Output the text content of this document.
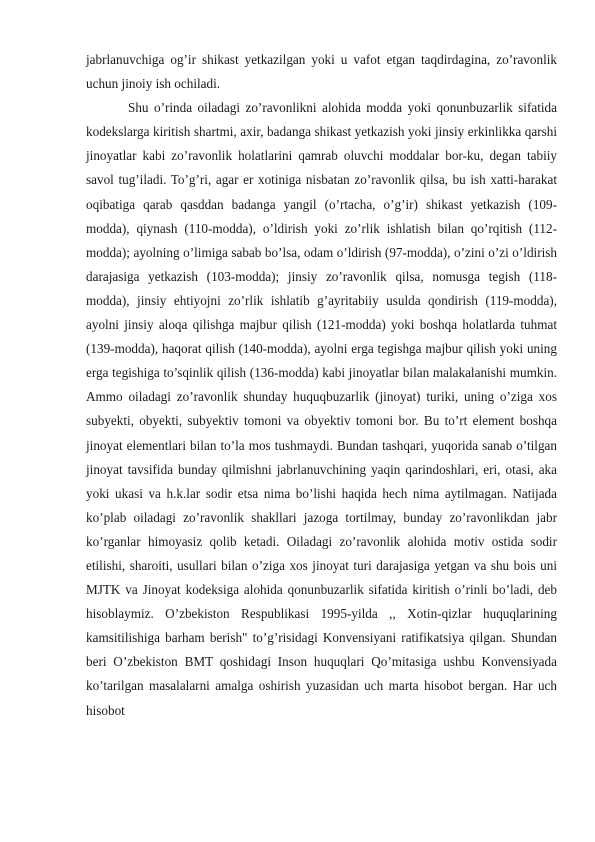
jabrlanuvchiga og’ir shikast yetkazilgan yoki u vafot etgan taqdirdagina, zo’ravonlik uchun jinoiy ish ochiladi.

Shu o’rinda oiladagi zo’ravonlikni alohida modda yoki qonunbuzarlik sifatida kodekslarga kiritish shartmi, axir, badanga shikast yetkazish yoki jinsiy erkinlikka qarshi jinoyatlar kabi zo’ravonlik holatlarini qamrab oluvchi moddalar bor-ku, degan tabiiy savol tug’iladi. To’g’ri, agar er xotiniga nisbatan zo’ravonlik qilsa, bu ish xatti-harakat oqibatiga qarab qasddan badanga yangil (o’rtacha, o’g’ir) shikast yetkazish (109-modda), qiynash (110-modda), o’ldirish yoki zo’rlik ishlatish bilan qo’rqitish (112-modda); ayolning o’limiga sabab bo’lsa, odam o’ldirish (97-modda), o’zini o’zi o’ldirish darajasiga yetkazish (103-modda); jinsiy zo’ravonlik qilsa, nomusga tegish (118-modda), jinsiy ehtiyojni zo’rlik ishlatib g’ayritabiiy usulda qondirish (119-modda), ayolni jinsiy aloqa qilishga majbur qilish (121-modda) yoki boshqa holatlarda tuhmat (139-modda), haqorat qilish (140-modda), ayolni erga tegishga majbur qilish yoki uning erga tegishiga to’sqinlik qilish (136-modda) kabi jinoyatlar bilan malakalanishi mumkin. Ammo oiladagi zo’ravonlik shunday huquqbuzarlik (jinoyat) turiki, uning o’ziga xos subyekti, obyekti, subyektiv tomoni va obyektiv tomoni bor. Bu to’rt element boshqa jinoyat elementlari bilan to’la mos tushmaydi. Bundan tashqari, yuqorida sanab o’tilgan jinoyat tavsifida bunday qilmishni jabrlanuvchining yaqin qarindoshlari, eri, otasi, aka yoki ukasi va h.k.lar sodir etsa nima bo’lishi haqida hech nima aytilmagan. Natijada ko’plab oiladagi zo’ravonlik shakllari jazoga tortilmay, bunday zo’ravonlikdan jabr ko’rganlar himoyasiz qolib ketadi. Oiladagi zo’ravonlik alohida motiv ostida sodir etilishi, sharoiti, usullari bilan o’ziga xos jinoyat turi darajasiga yetgan va shu bois uni MJTK va Jinoyat kodeksiga alohida qonunbuzarlik sifatida kiritish o’rinli bo’ladi, deb hisoblaymiz. O’zbekiston Respublikasi 1995-yilda ,, Xotin-qizlar huquqlarining kamsitilishiga barham berish" to’g’risidagi Konvensiyani ratifikatsiya qilgan. Shundan beri O’zbekiston BMT qoshidagi Inson huquqlari Qo’mitasiga ushbu Konvensiyada ko’tarilgan masalalarni amalga oshirish yuzasidan uch marta hisobot bergan. Har uch hisobot
